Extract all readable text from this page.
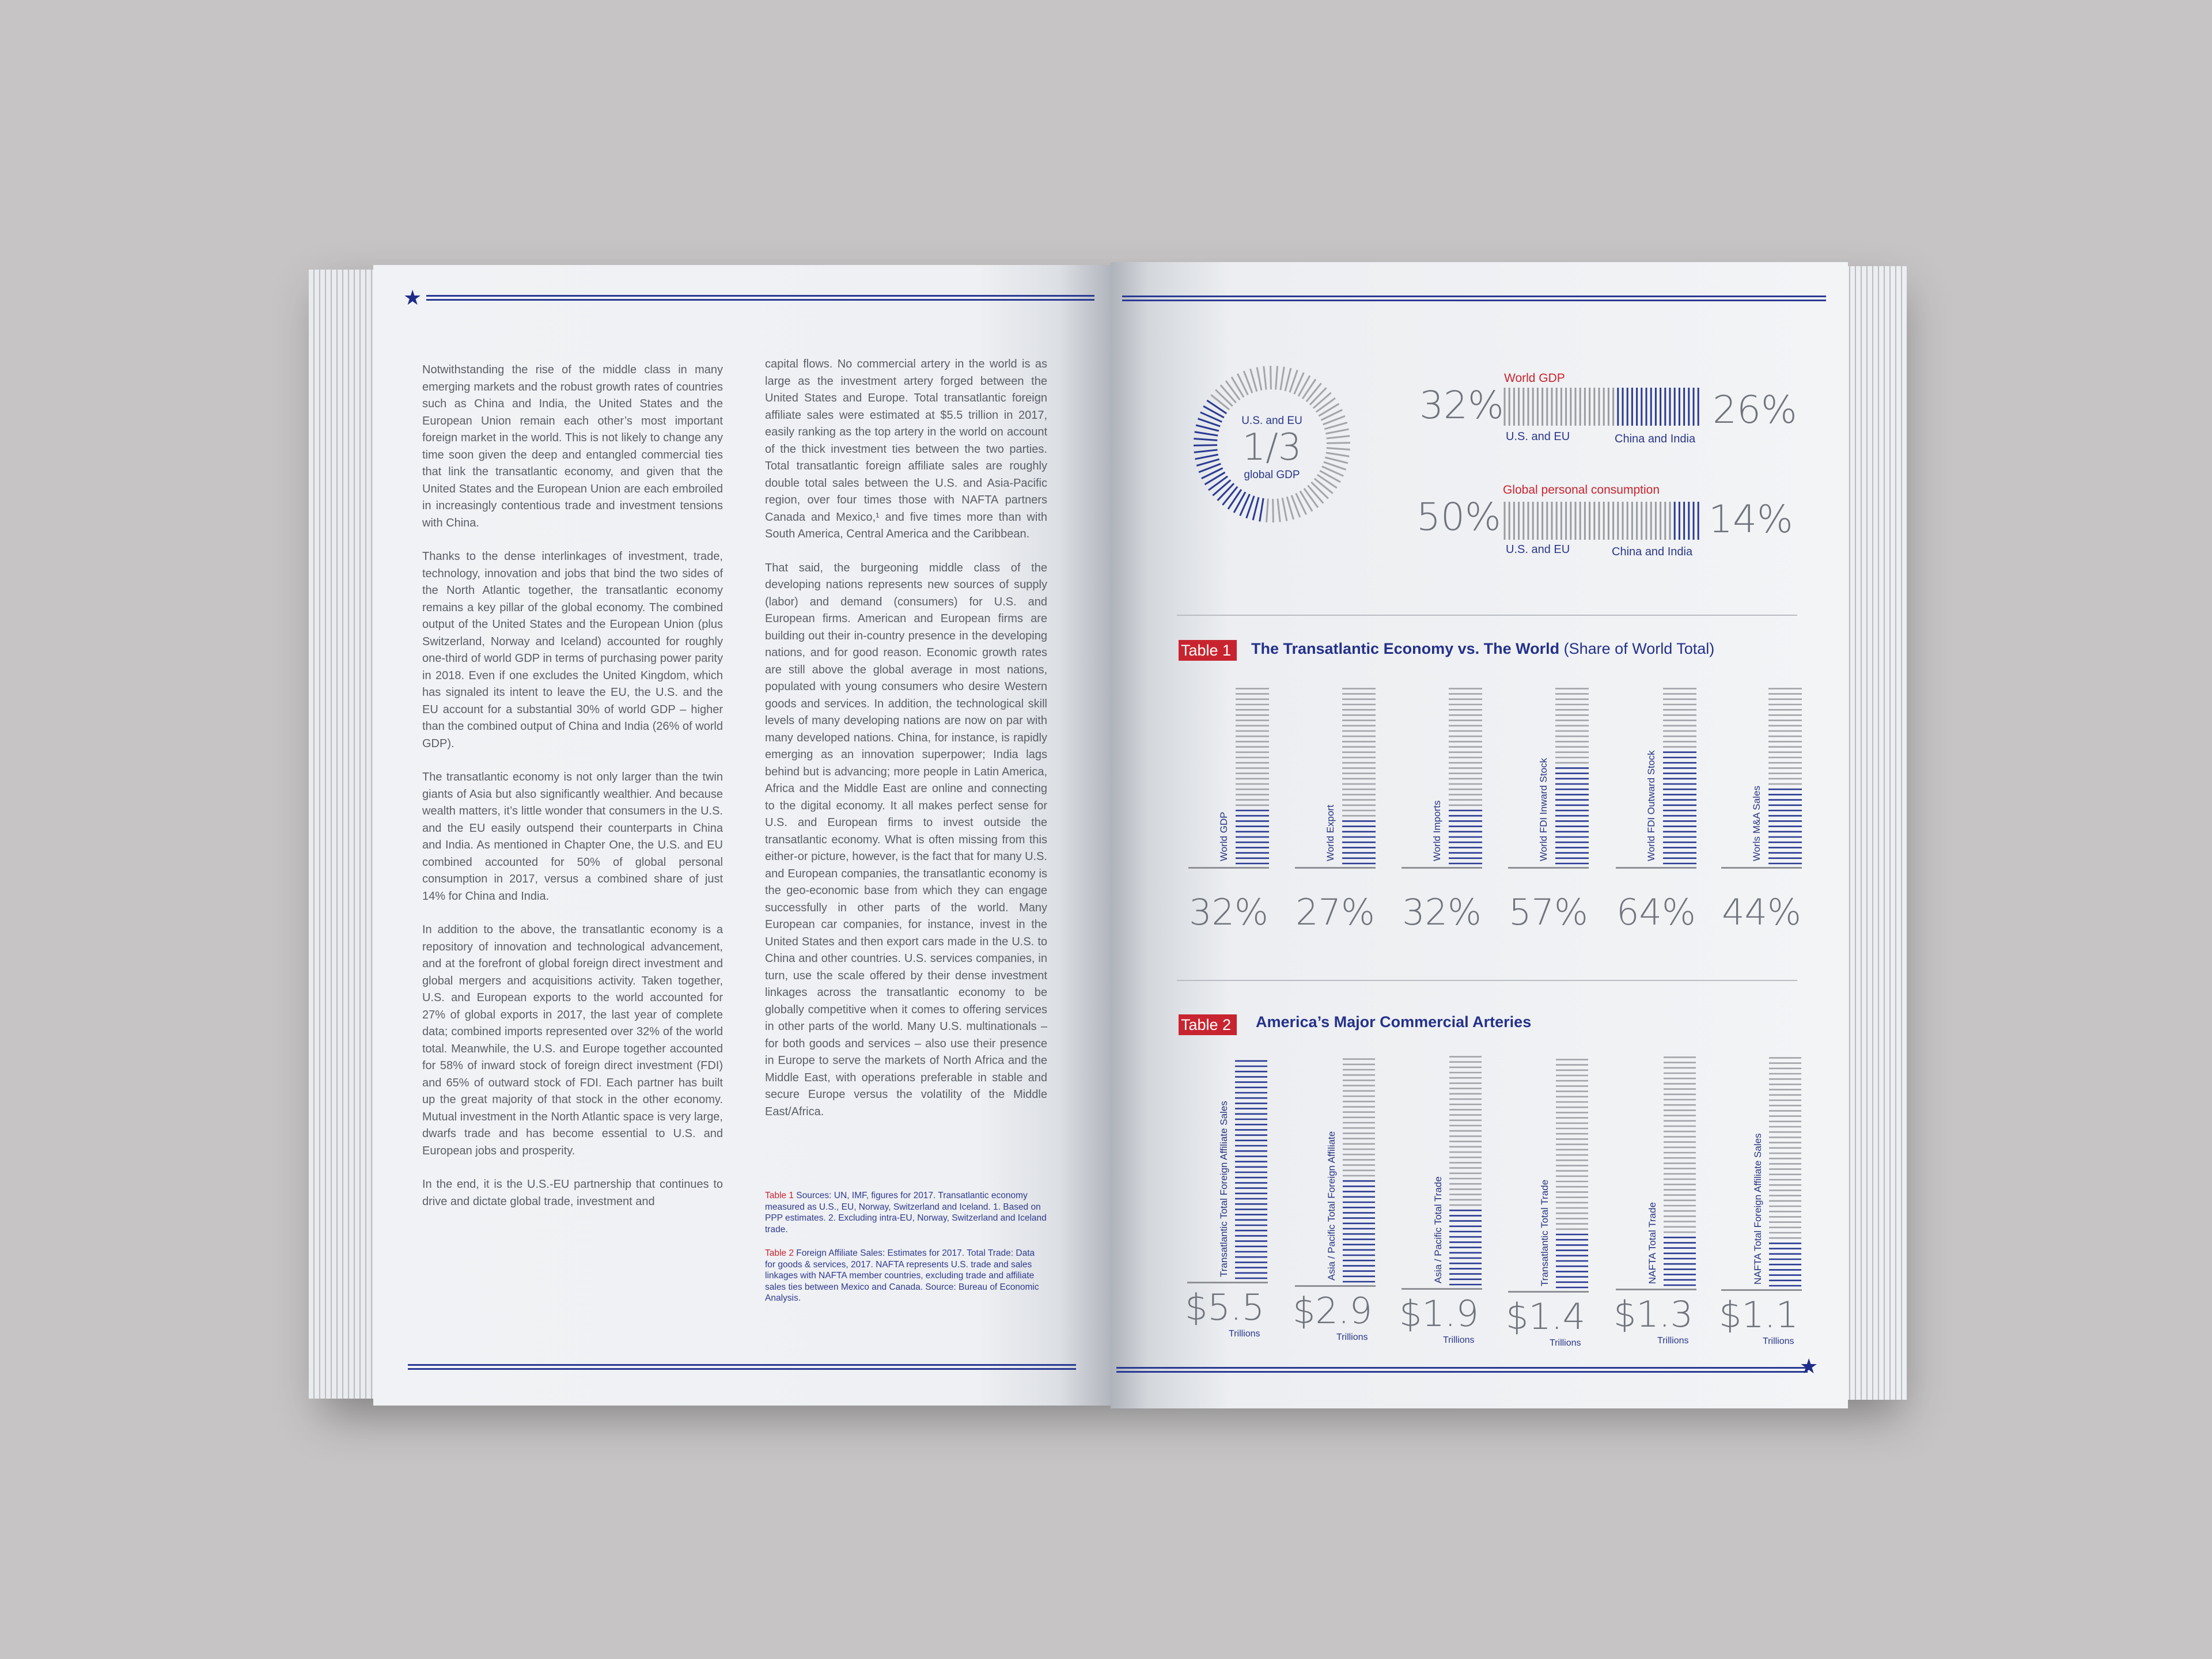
★

Notwithstanding the rise of the middle class in many emerging markets and the robust growth rates of countries such as China and India, the United States and the European Union remain each other’s most important foreign market in the world. This is not likely to change any time soon given the deep and entangled commercial ties that link the transatlantic economy, and given that the United States and the European Union are each embroiled in increasingly contentious trade and investment tensions with China.

Thanks to the dense interlinkages of investment, trade, technology, innovation and jobs that bind the two sides of the North Atlantic together, the transatlantic economy remains a key pillar of the global economy. The combined output of the United States and the European Union (plus Switzerland, Norway and Iceland) accounted for roughly one-third of world GDP in terms of purchasing power parity in 2018. Even if one excludes the United Kingdom, which has signaled its intent to leave the EU, the U.S. and the EU account for a substantial 30% of world GDP – higher than the combined output of China and India (26% of world GDP).

The transatlantic economy is not only larger than the twin giants of Asia but also significantly wealthier. And because wealth matters, it’s little wonder that consumers in the U.S. and the EU easily outspend their counterparts in China and India. As mentioned in Chapter One, the U.S. and EU combined accounted for 50% of global personal consumption in 2017, versus a combined share of just 14% for China and India.

In addition to the above, the transatlantic economy is a repository of innovation and technological advancement, and at the forefront of global foreign direct investment and global mergers and acquisitions activity. Taken together, U.S. and European exports to the world accounted for 27% of global exports in 2017, the last year of complete data; combined imports represented over 32% of the world total. Meanwhile, the U.S. and Europe together accounted for 58% of inward stock of foreign direct investment (FDI) and 65% of outward stock of FDI. Each partner has built up the great majority of that stock in the other economy. Mutual investment in the North Atlantic space is very large, dwarfs trade and has become essential to U.S. and European jobs and prosperity.

In the end, it is the U.S.-EU partnership that continues to drive and dictate global trade, investment and

capital flows. No commercial artery in the world is as large as the investment artery forged between the United States and Europe. Total transatlantic foreign affiliate sales were estimated at $5.5 trillion in 2017, easily ranking as the top artery in the world on account of the thick investment ties between the two parties. Total transatlantic foreign affiliate sales are roughly double total sales between the U.S. and Asia-Pacific region, over four times those with NAFTA partners Canada and Mexico,¹ and five times more than with South America, Central America and the Caribbean.

That said, the burgeoning middle class of the developing nations represents new sources of supply (labor) and demand (consumers) for U.S. and European firms. American and European firms are building out their in-country presence in the developing nations, and for good reason. Economic growth rates are still above the global average in most nations, populated with young consumers who desire Western goods and services. In addition, the technological skill levels of many developing nations are now on par with many developed nations. China, for instance, is rapidly emerging as an innovation superpower; India lags behind but is advancing; more people in Latin America, Africa and the Middle East are online and connecting to the digital economy. It all makes perfect sense for U.S. and European firms to invest outside the transatlantic economy. What is often missing from this either-or picture, however, is the fact that for many U.S. and European companies, the transatlantic economy is the geo-economic base from which they can engage successfully in other parts of the world. Many European car companies, for instance, invest in the United States and then export cars made in the U.S. to China and other countries. U.S. services companies, in turn, use the scale offered by their dense investment linkages across the transatlantic economy to be globally competitive when it comes to offering services in other parts of the world. Many U.S. multinationals – for both goods and services – also use their presence in Europe to serve the markets of North Africa and the Middle East, with operations preferable in stable and secure Europe versus the volatility of the Middle East/Africa.

Table 1 Sources: UN, IMF, figures for 2017. Transatlantic economy measured as U.S., EU, Norway, Switzerland and Iceland. 1. Based on PPP estimates. 2. Excluding intra-EU, Norway, Switzerland and Iceland trade.

Table 2 Foreign Affiliate Sales: Estimates for 2017. Total Trade: Data for goods & services, 2017. NAFTA represents U.S. trade and sales linkages with NAFTA member countries, excluding trade and affiliate sales ties between Mexico and Canada. Source: Bureau of Economic Analysis.

U.S. and EU
1/3
global GDP
World GDP
32%	26%
U.S. and EU	China and India
Global personal consumption
50%	14%
U.S. and EU	China and India
Table 1	The Transatlantic Economy vs. The World (Share of World Total)
Table 2	America’s Major Commercial Arteries
★
World GDP
32%
World Export
27%
World Imports
32%
World FDI Inward Stock
57%
World FDI Outward Stock
64%
Worls M&A Sales
44%
Transatlantic Total Foreign Affiliate Sales
$5.5
Trillions
Asia / Pacific Total Foreign Affiliate
$2.9
Trillions
Asia / Pacific Total Trade
$1.9
Trillions
Transatlantic Total Trade
$1.4
Trillions
NAFTA Total Trade
$1.3
Trillions
NAFTA Total Foreign Affiliate Sales
$1.1
Trillions
